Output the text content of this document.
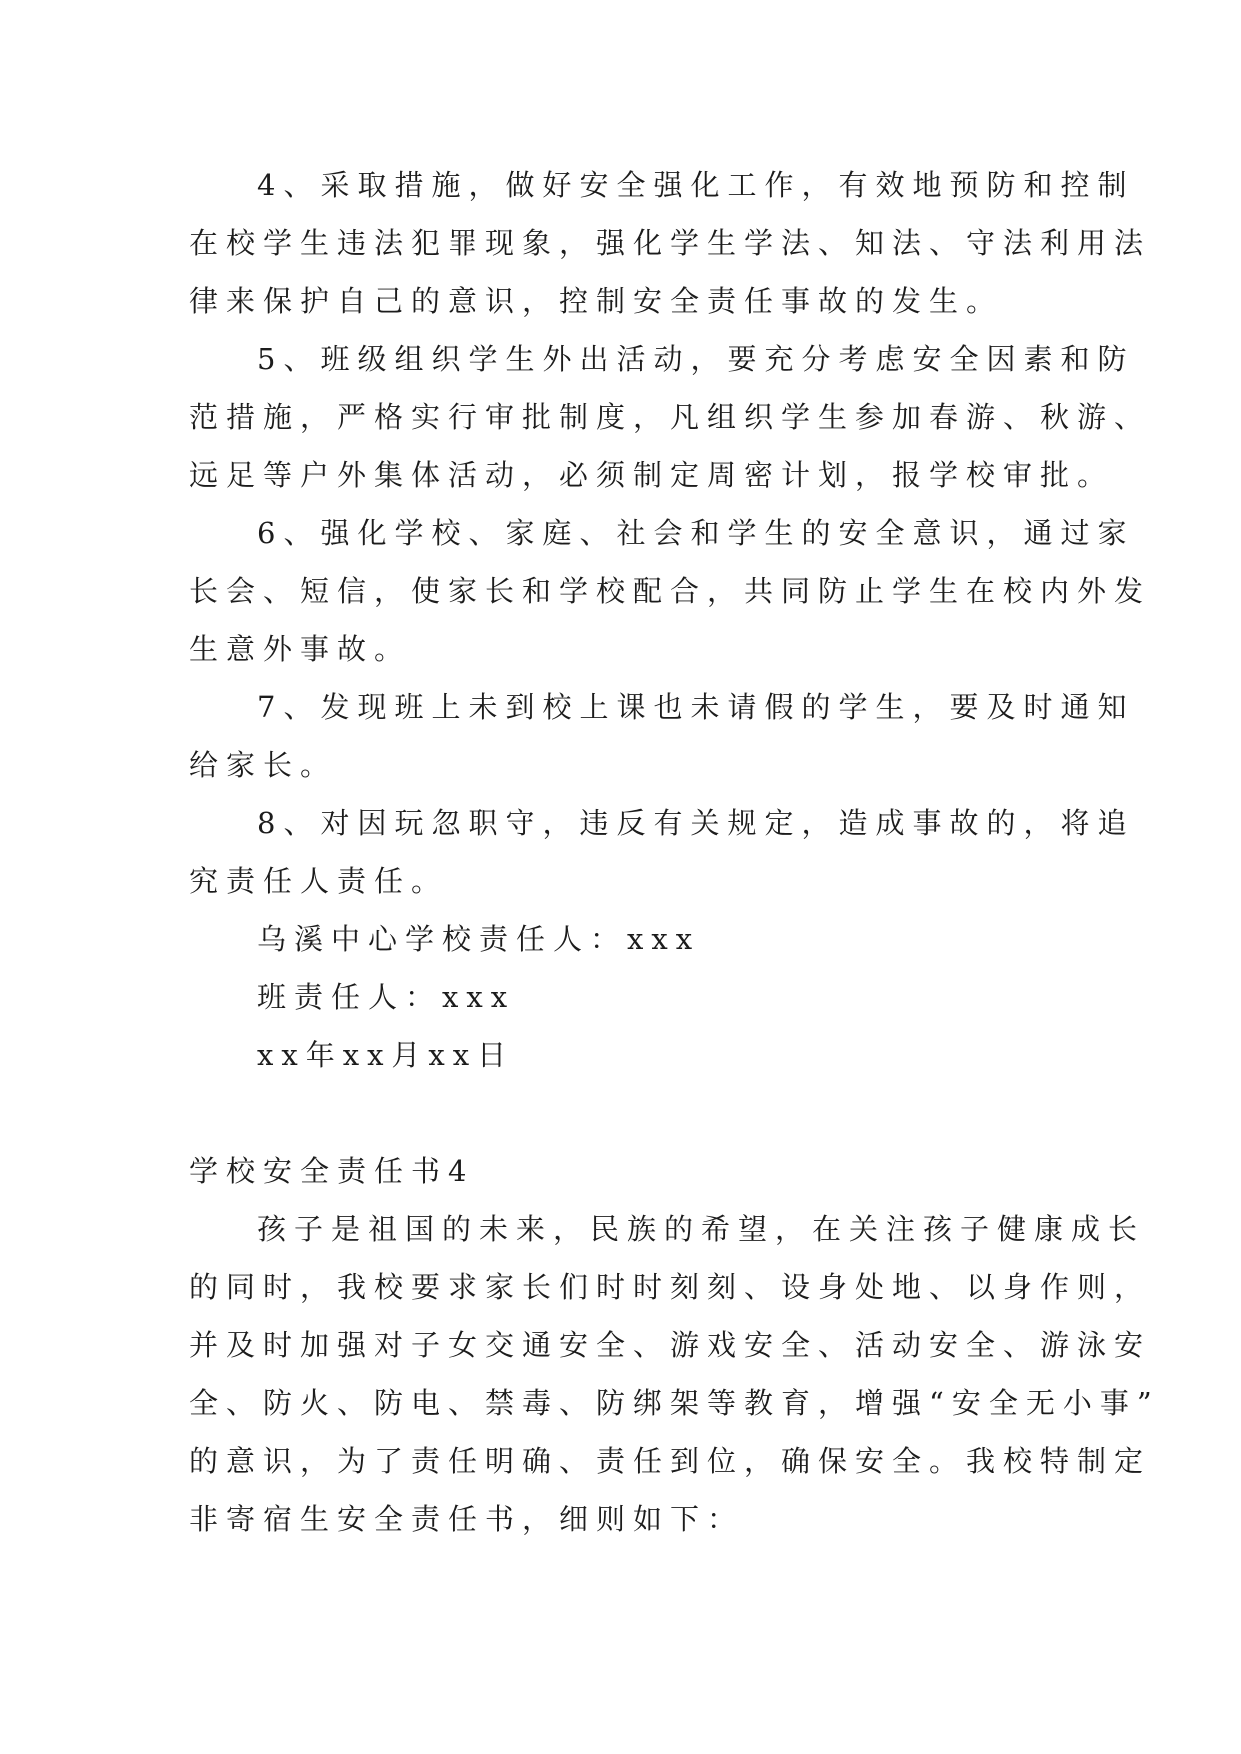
4、采取措施，做好安全强化工作，有效地预防和控制
在校学生违法犯罪现象，强化学生学法、知法、守法利用法
律来保护自己的意识，控制安全责任事故的发生。
5、班级组织学生外出活动，要充分考虑安全因素和防
范措施，严格实行审批制度，凡组织学生参加春游、秋游、
远足等户外集体活动，必须制定周密计划，报学校审批。
6、强化学校、家庭、社会和学生的安全意识，通过家
长会、短信，使家长和学校配合，共同防止学生在校内外发
生意外事故。
7、发现班上未到校上课也未请假的学生，要及时通知
给家长。
8、对因玩忽职守，违反有关规定，造成事故的，将追
究责任人责任。
乌溪中心学校责任人：xxx
班责任人：xxx
xx年xx月xx日
学校安全责任书4
孩子是祖国的未来，民族的希望，在关注孩子健康成长
的同时，我校要求家长们时时刻刻、设身处地、以身作则，
并及时加强对子女交通安全、游戏安全、活动安全、游泳安
全、防火、防电、禁毒、防绑架等教育，增强“安全无小事”
的意识，为了责任明确、责任到位，确保安全。我校特制定
非寄宿生安全责任书，细则如下：
